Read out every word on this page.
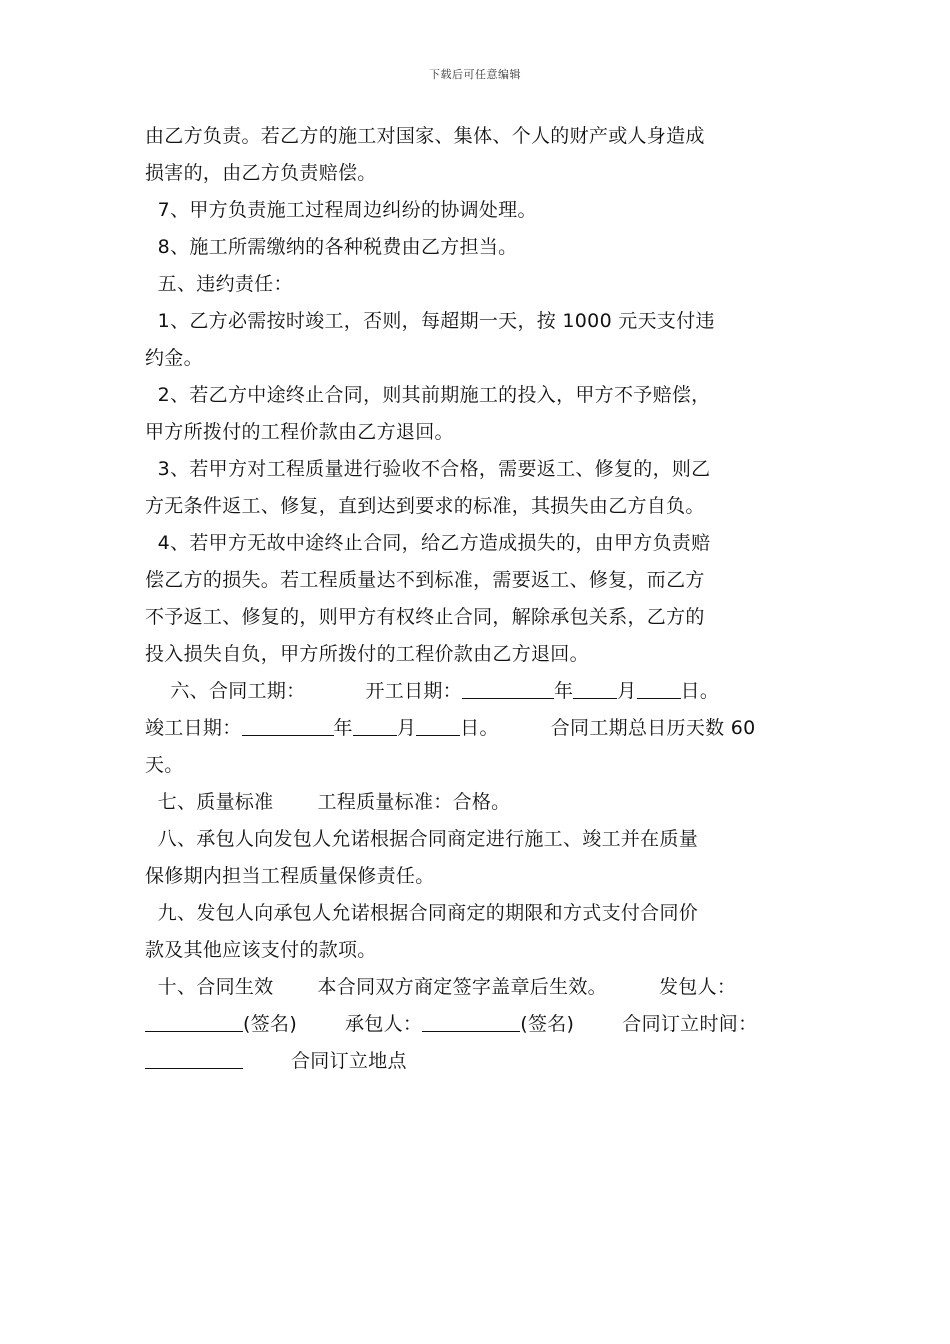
下载后可任意编辑
由乙方负责。若乙方的施工对国家、集体、个人的财产或人身造成
损害的，由乙方负责赔偿。
7、甲方负责施工过程周边纠纷的协调处理。
8、施工所需缴纳的各种税费由乙方担当。
五、违约责任：
1、乙方必需按时竣工，否则，每超期一天，按 1000 元天支付违
约金。
2、若乙方中途终止合同，则其前期施工的投入，甲方不予赔偿，
甲方所拨付的工程价款由乙方退回。
3、若甲方对工程质量进行验收不合格，需要返工、修复的，则乙
方无条件返工、修复，直到达到要求的标准，其损失由乙方自负。
4、若甲方无故中途终止合同，给乙方造成损失的，由甲方负责赔
偿乙方的损失。若工程质量达不到标准，需要返工、修复，而乙方
不予返工、修复的，则甲方有权终止合同，解除承包关系，乙方的
投入损失自负，甲方所拨付的工程价款由乙方退回。
六、合同工期：	开工日期：	年 月 日。
竣工日期：	年 月 日。	合同工期总日历天数 60
天。
七、质量标准 工程质量标准：合格。
八、承包人向发包人允诺根据合同商定进行施工、竣工并在质量
保修期内担当工程质量保修责任。
九、发包人向承包人允诺根据合同商定的期限和方式支付合同价
款及其他应该支付的款项。
十、合同生效 本合同双方商定签字盖章后生效。	发包人：
(签名)	承包人：	(签名)	合同订立时间：
合同订立地点
